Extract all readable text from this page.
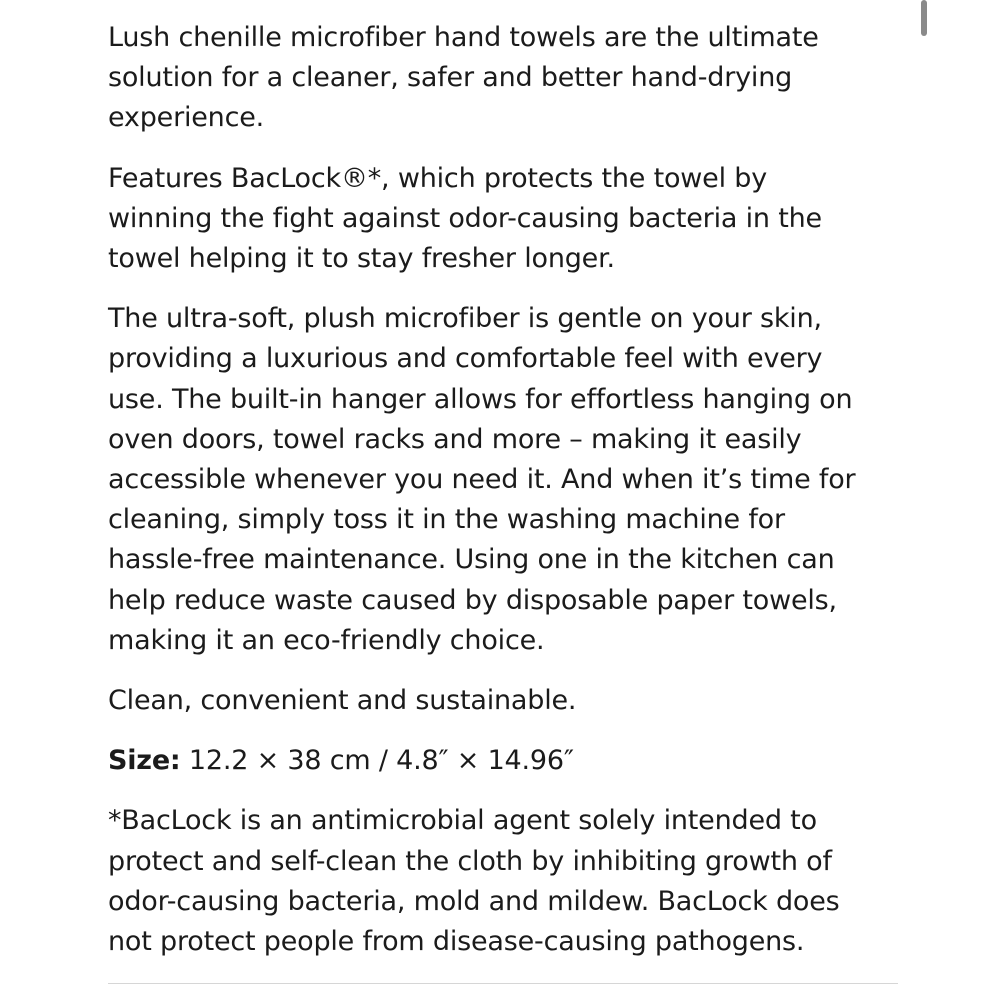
Lush chenille microfiber hand towels are the ultimate
solution for a cleaner, safer and better hand-drying
experience.

Features BacLock®*, which protects the towel by
winning the fight against odor-causing bacteria in the
towel helping it to stay fresher longer.

The ultra-soft, plush microfiber is gentle on your skin,
providing a luxurious and comfortable feel with every
use. The built-in hanger allows for effortless hanging on
oven doors, towel racks and more – making it easily
accessible whenever you need it. And when it’s time for
cleaning, simply toss it in the washing machine for
hassle-free maintenance. Using one in the kitchen can
help reduce waste caused by disposable paper towels,
making it an eco-friendly choice.

Clean, convenient and sustainable.

Size: 12.2 × 38 cm / 4.8″ × 14.96″

*BacLock is an antimicrobial agent solely intended to
protect and self-clean the cloth by inhibiting growth of
odor-causing bacteria, mold and mildew. BacLock does
not protect people from disease-causing pathogens.
